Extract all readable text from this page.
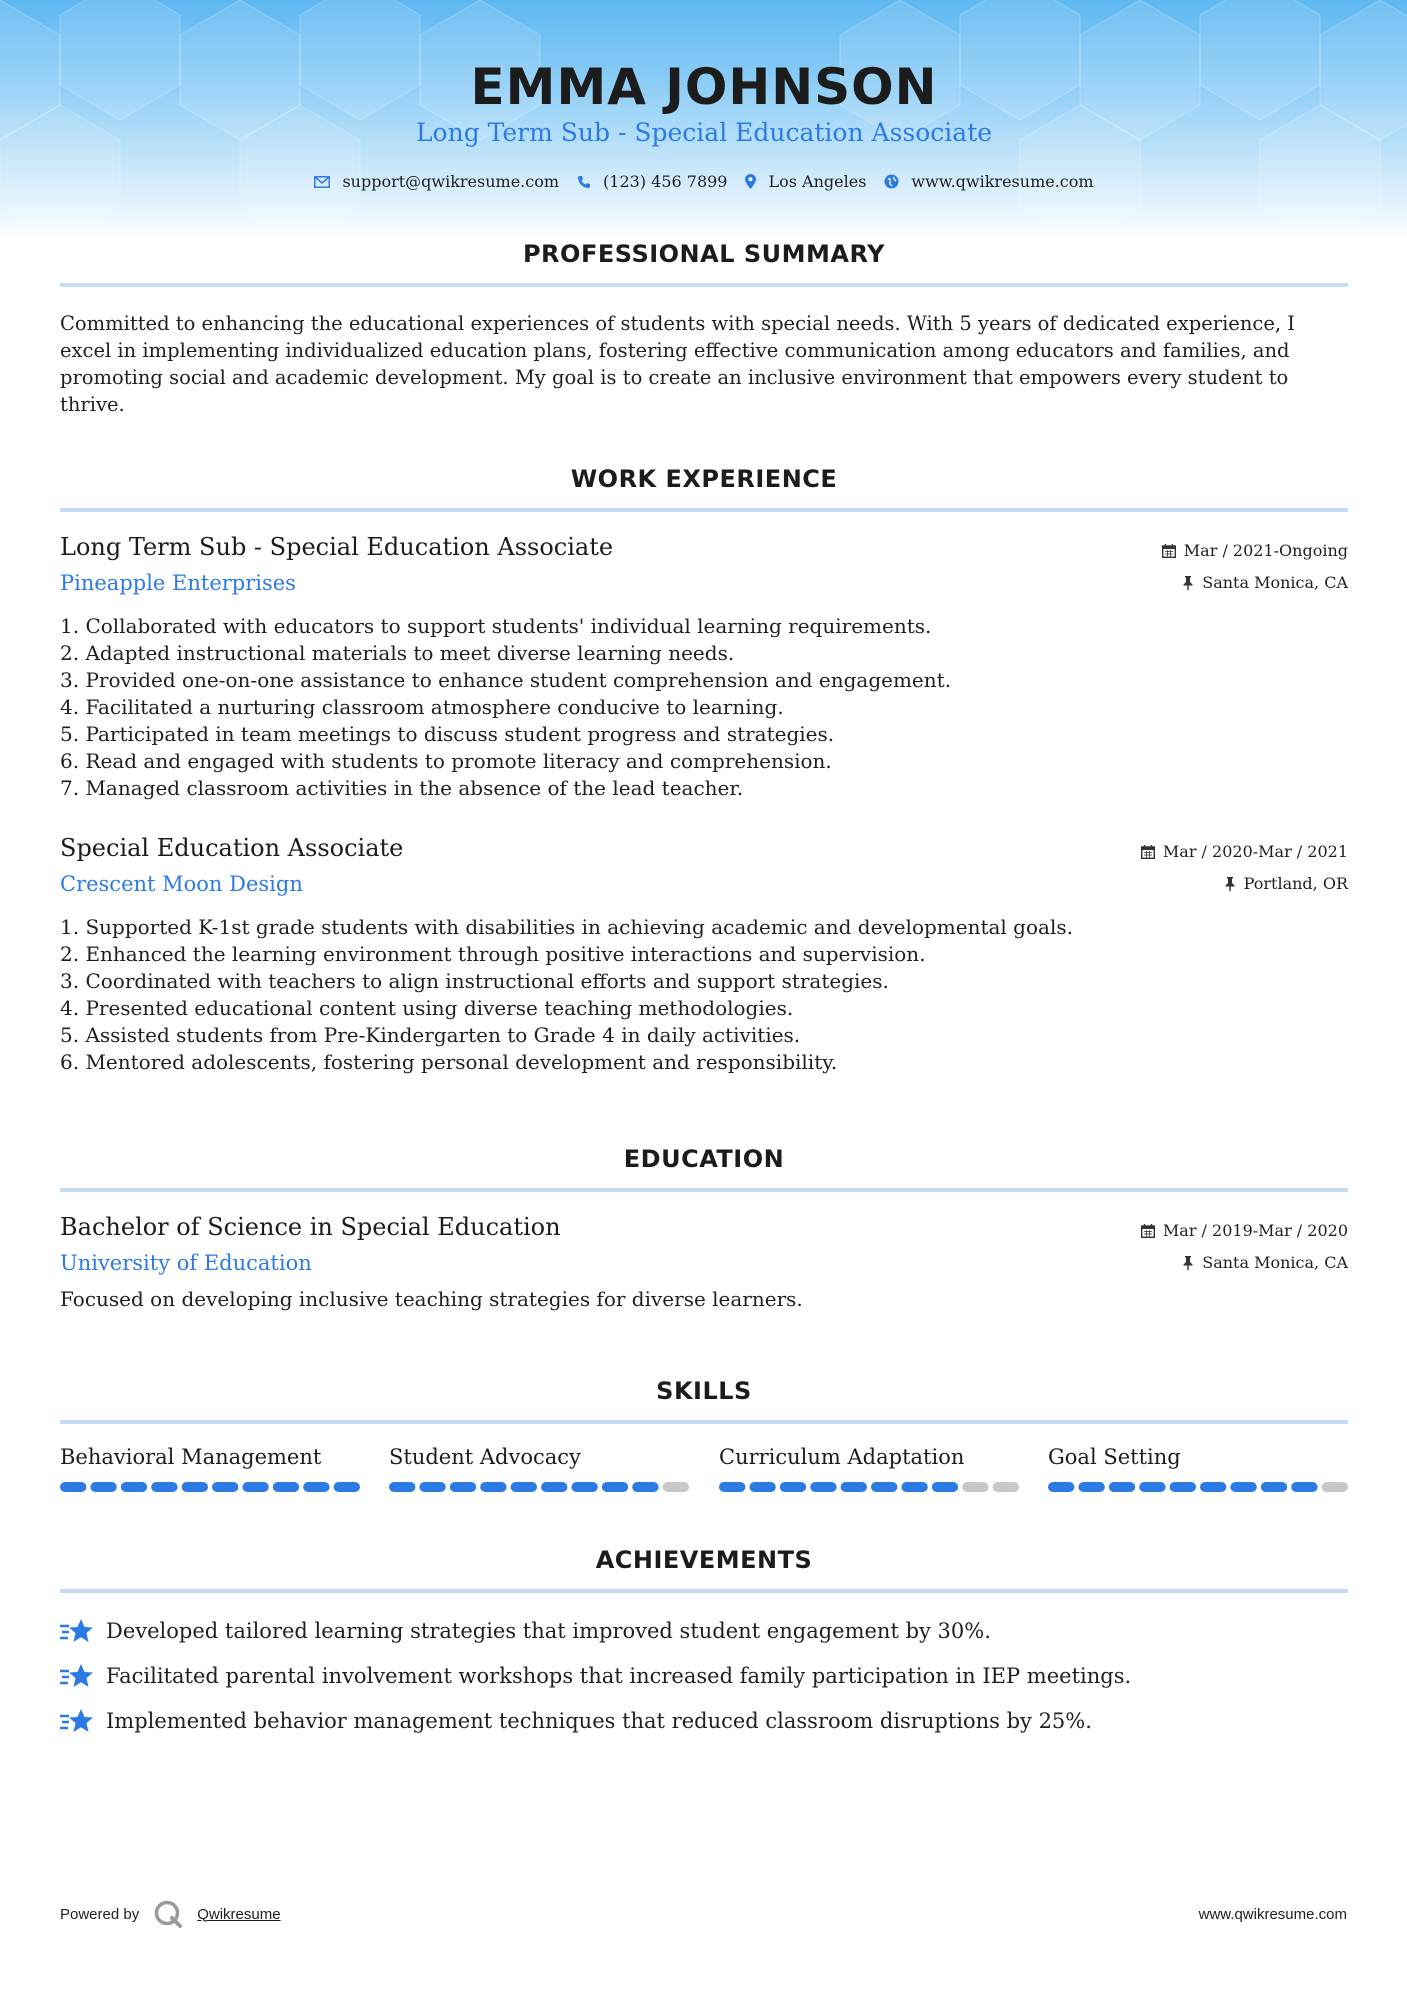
EMMA JOHNSON
Long Term Sub - Special Education Associate
support@qwikresume.com	(123) 456 7899	Los Angeles	www.qwikresume.com
PROFESSIONAL SUMMARY
Committed to enhancing the educational experiences of students with special needs. With 5 years of dedicated experience, I excel in implementing individualized education plans, fostering effective communication among educators and families, and promoting social and academic development. My goal is to create an inclusive environment that empowers every student to thrive.
WORK EXPERIENCE
Long Term Sub - Special Education Associate
Pineapple Enterprises
Mar / 2021-Ongoing
Santa Monica, CA
1. Collaborated with educators to support students' individual learning requirements.
2. Adapted instructional materials to meet diverse learning needs.
3. Provided one-on-one assistance to enhance student comprehension and engagement.
4. Facilitated a nurturing classroom atmosphere conducive to learning.
5. Participated in team meetings to discuss student progress and strategies.
6. Read and engaged with students to promote literacy and comprehension.
7. Managed classroom activities in the absence of the lead teacher.
Special Education Associate
Crescent Moon Design
Mar / 2020-Mar / 2021
Portland, OR
1. Supported K-1st grade students with disabilities in achieving academic and developmental goals.
2. Enhanced the learning environment through positive interactions and supervision.
3. Coordinated with teachers to align instructional efforts and support strategies.
4. Presented educational content using diverse teaching methodologies.
5. Assisted students from Pre-Kindergarten to Grade 4 in daily activities.
6. Mentored adolescents, fostering personal development and responsibility.
EDUCATION
Bachelor of Science in Special Education
University of Education
Mar / 2019-Mar / 2020
Santa Monica, CA
Focused on developing inclusive teaching strategies for diverse learners.
SKILLS
Behavioral Management	Student Advocacy	Curriculum Adaptation	Goal Setting
ACHIEVEMENTS
Developed tailored learning strategies that improved student engagement by 30%.
Facilitated parental involvement workshops that increased family participation in IEP meetings.
Implemented behavior management techniques that reduced classroom disruptions by 25%.
Powered by	Qwikresume	www.qwikresume.com
